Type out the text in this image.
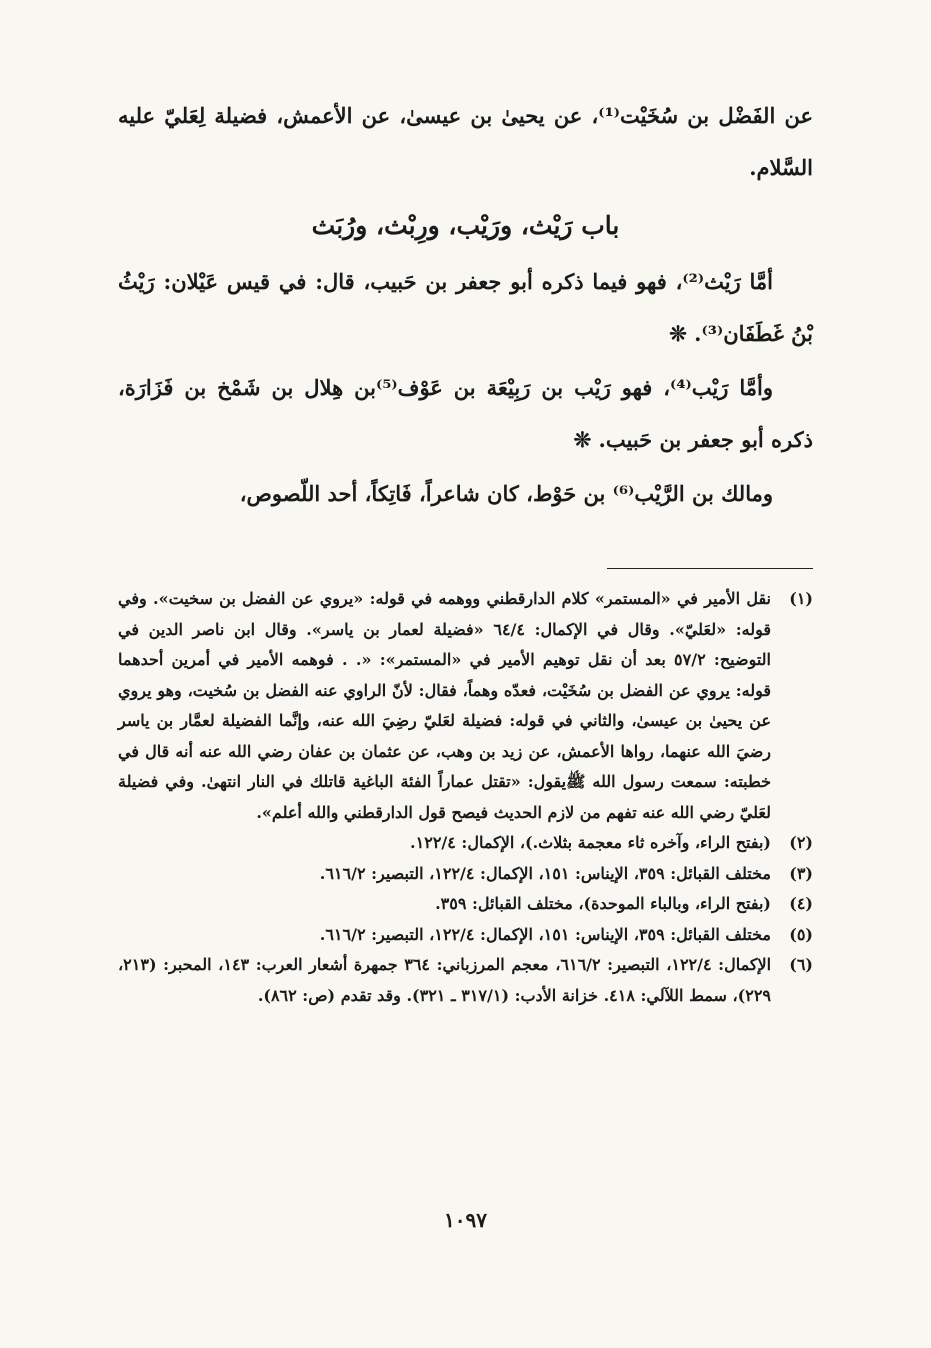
عن الفَضْل بن سُخَيْت⁽¹⁾، عن يحيىٰ بن عيسىٰ، عن الأعمش، فضيلة لِعَليّ عليه السَّلام.

باب رَيْث، ورَيْب، ورِبْث، ورُبَث

أمَّا رَيْث⁽²⁾، فهو فيما ذكره أبو جعفر بن حَبيب، قال: في قيس عَيْلان: رَيْثُ بْنُ غَطَفَان⁽³⁾. ❊

وأمَّا رَيْب⁽⁴⁾، فهو رَيْب بن رَبِيْعَة بن عَوْف⁽⁵⁾بن هِلال بن شَمْخ بن فَزَارَة، ذكره أبو جعفر بن حَبيب. ❊

ومالك بن الرَّيْب⁽⁶⁾ بن حَوْط، كان شاعراً، فَاتِكاً، أحد اللّصوص،

(١)
نقل الأمير في «المستمر» كلام الدارقطني ووهمه في قوله: «يروي عن الفضل بن سخيت». وفي قوله: «لعَليّ». وقال في الإكمال: ٦٤/٤ «فضيلة لعمار بن ياسر». وقال ابن ناصر الدين في التوضيح: ٥٧/٢ بعد أن نقل توهيم الأمير في «المستمر»: «. . فوهمه الأمير في أمرين أحدهما قوله: يروي عن الفضل بن سُخَيْت، فعدّه وهماً، فقال: لأنّ الراوي عنه الفضل بن سُخيت، وهو يروي عن يحيىٰ بن عيسىٰ، والثاني في قوله: فضيلة لعَليّ رضِيَ الله عنه، وإنَّما الفضيلة لعمَّار بن ياسر رضيَ الله عنهما، رواها الأعمش، عن زيد بن وهب، عن عثمان بن عفان رضي الله عنه أنه قال في خطبته: سمعت رسول الله ﷺيقول: «تقتل عماراً الفئة الباغية قاتلك في النار انتهىٰ. وفي فضيلة لعَليّ رضي الله عنه تفهم من لازم الحديث فيصح قول الدارقطني والله أعلم».
(٢)
(بفتح الراء، وآخره ثاء معجمة بثلاث.)، الإكمال: ١٢٢/٤.
(٣)
مختلف القبائل: ٣٥٩، الإيناس: ١٥١، الإكمال: ١٢٢/٤، التبصير: ٦١٦/٢.
(٤)
(بفتح الراء، وبالباء الموحدة)، مختلف القبائل: ٣٥٩.
(٥)
مختلف القبائل: ٣٥٩، الإيناس: ١٥١، الإكمال: ١٢٢/٤، التبصير: ٦١٦/٢.
(٦)
الإكمال: ١٢٢/٤، التبصير: ٦١٦/٢، معجم المرزباني: ٣٦٤ جمهرة أشعار العرب: ١٤٣، المحبر: (٢١٣، ٢٢٩)، سمط اللآلي: ٤١٨. خزانة الأدب: (٣١٧/١ ـ ٣٢١). وقد تقدم (ص: ٨٦٢).
١٠٩٧
